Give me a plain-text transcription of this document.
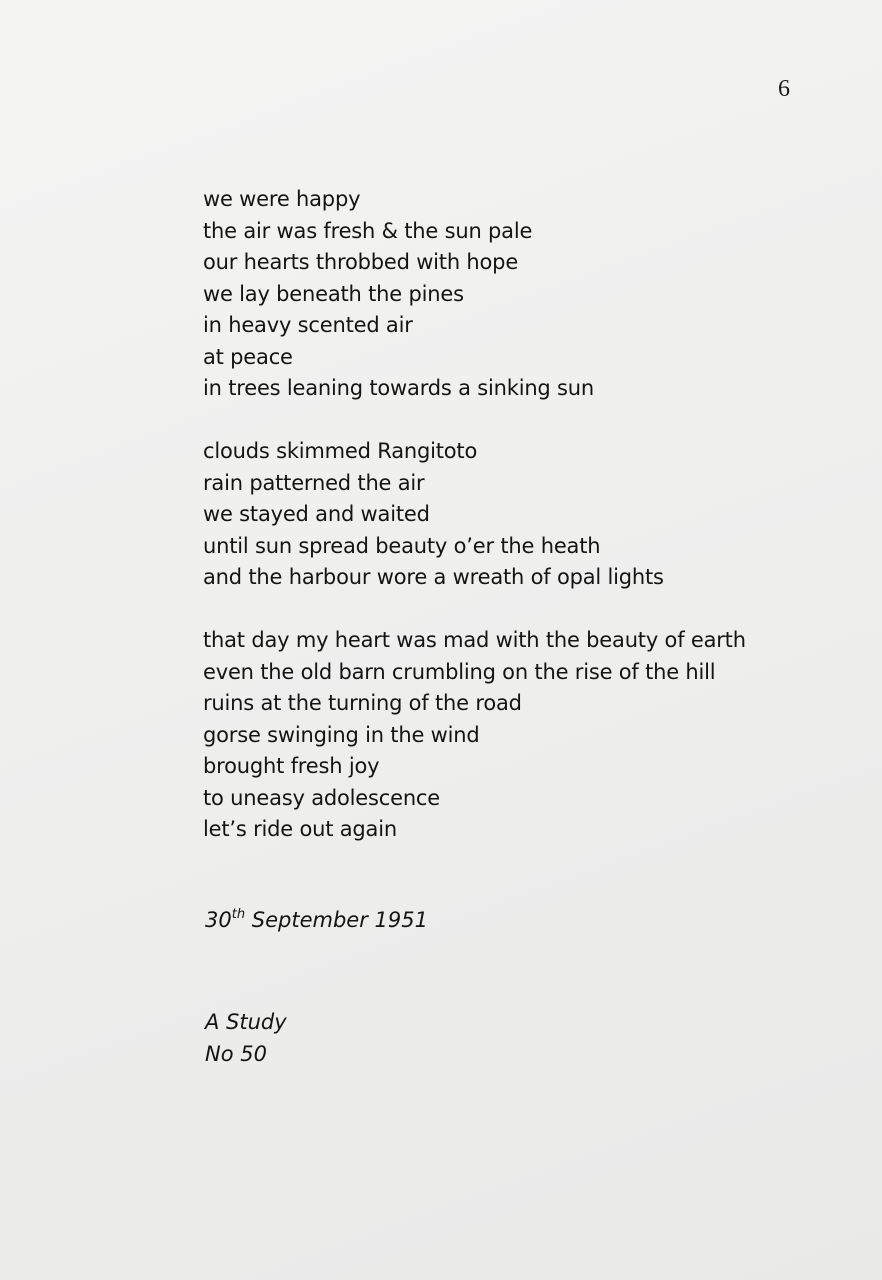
6
we were happy
the air was fresh & the sun pale
our hearts throbbed with hope
we lay beneath the pines
in heavy scented air
at peace
in trees leaning towards a sinking sun
clouds skimmed Rangitoto
rain patterned the air
we stayed and waited
until sun spread beauty o’er the heath
and the harbour wore a wreath of opal lights
that day my heart was mad with the beauty of earth
even the old barn crumbling on the rise of the hill
ruins at the turning of the road
gorse swinging in the wind
brought fresh joy
to uneasy adolescence
let’s ride out again
30th September 1951
A Study
No 50
